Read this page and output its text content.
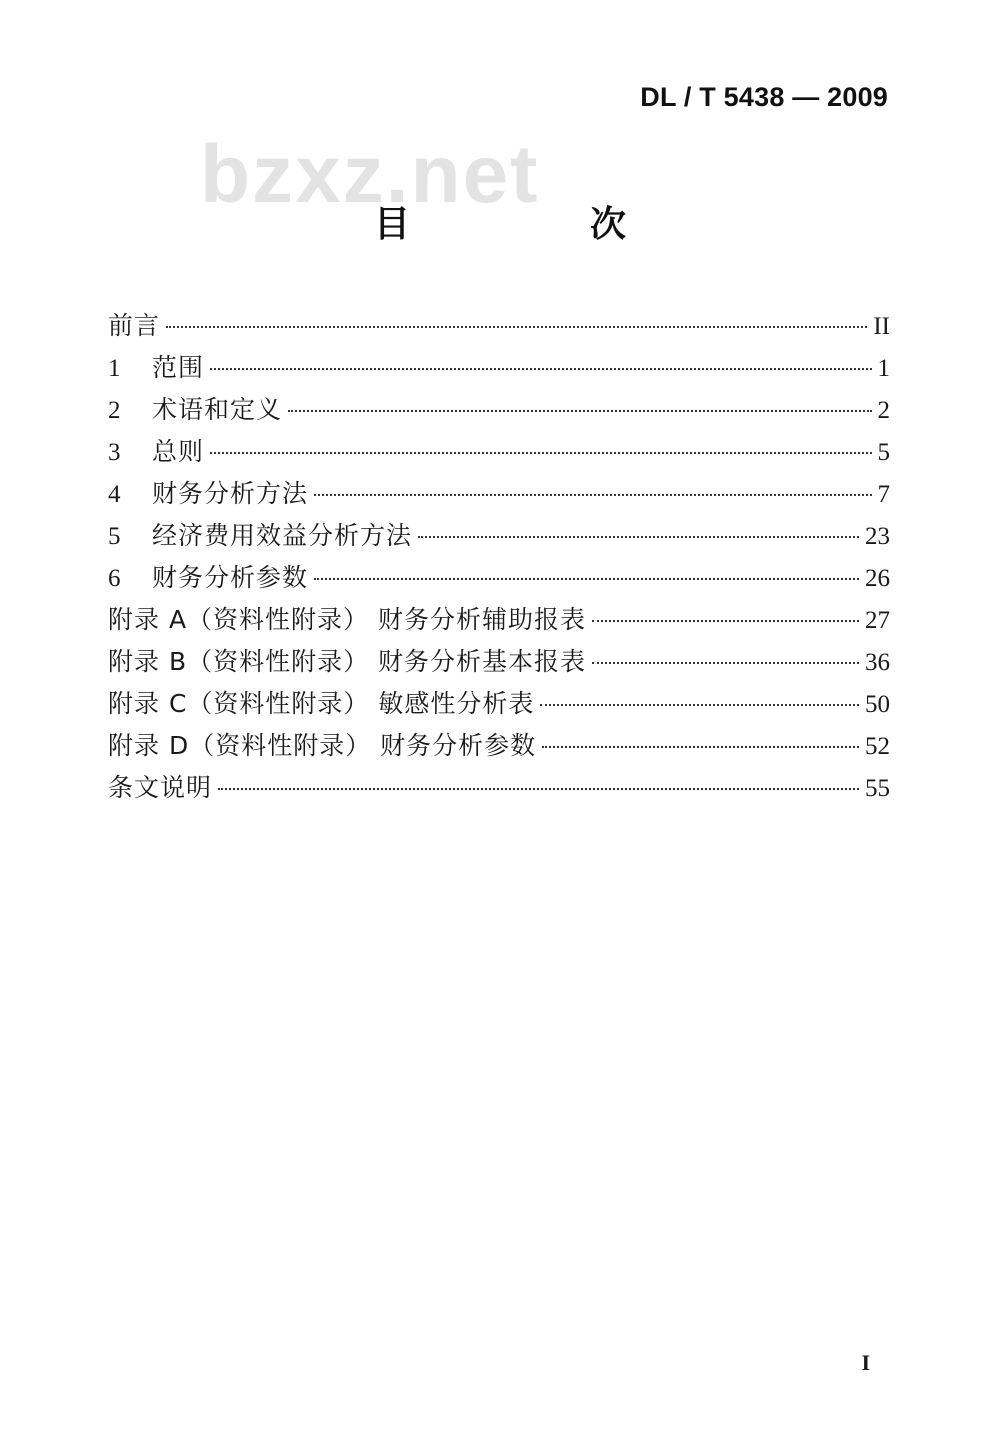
DL / T 5438 — 2009
bzxz.net
目　次
前言	II
1	范围	1
2	术语和定义	2
3	总则	5
4	财务分析方法	7
5	经济费用效益分析方法	23
6	财务分析参数	26
附录 A（资料性附录） 财务分析辅助报表	27
附录 B（资料性附录） 财务分析基本报表	36
附录 C（资料性附录） 敏感性分析表	50
附录 D（资料性附录） 财务分析参数	52
条文说明	55
I
